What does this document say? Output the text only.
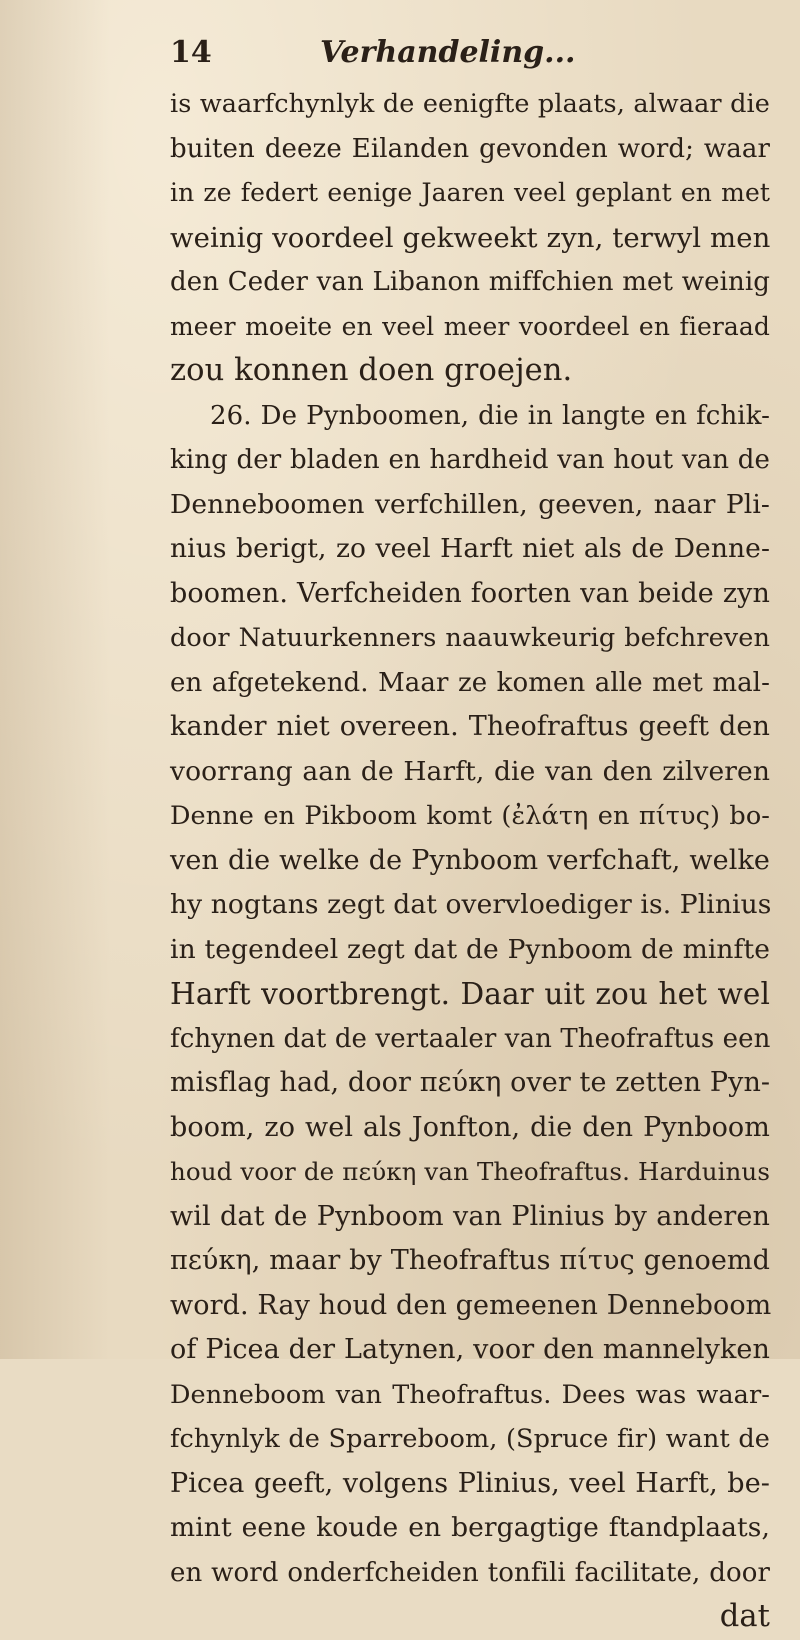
14	Verhandeling...
is waarfchynlyk de eenigfte plaats, alwaar die
buiten deeze Eilanden gevonden word; waar
in ze federt eenige Jaaren veel geplant en met
weinig voordeel gekweekt zyn, terwyl men
den Ceder van Libanon miffchien met weinig
meer moeite en veel meer voordeel en fieraad
zou konnen doen groejen.
26. De Pynboomen, die in langte en fchik-
king der bladen en hardheid van hout van de
Denneboomen verfchillen, geeven, naar Pli-
nius berigt, zo veel Harft niet als de Denne-
boomen. Verfcheiden foorten van beide zyn
door Natuurkenners naauwkeurig befchreven
en afgetekend. Maar ze komen alle met mal-
kander niet overeen. Theofraftus geeft den
voorrang aan de Harft, die van den zilveren
Denne en Pikboom komt (ἐλάτη en πίτυς) bo-
ven die welke de Pynboom verfchaft, welke
hy nogtans zegt dat overvloediger is. Plinius
in tegendeel zegt dat de Pynboom de minfte
Harft voortbrengt. Daar uit zou het wel
fchynen dat de vertaaler van Theofraftus een
misflag had, door πεύκη over te zetten Pyn-
boom, zo wel als Jonfton, die den Pynboom
houd voor de πεύκη van Theofraftus. Harduinus
wil dat de Pynboom van Plinius by anderen
πεύκη, maar by Theofraftus πίτυς genoemd
word. Ray houd den gemeenen Denneboom
of Picea der Latynen, voor den mannelyken
Denneboom van Theofraftus. Dees was waar-
fchynlyk de Sparreboom, (Spruce fir) want de
Picea geeft, volgens Plinius, veel Harft, be-
mint eene koude en bergagtige ftandplaats,
en word onderfcheiden tonfili facilitate, door
dat
